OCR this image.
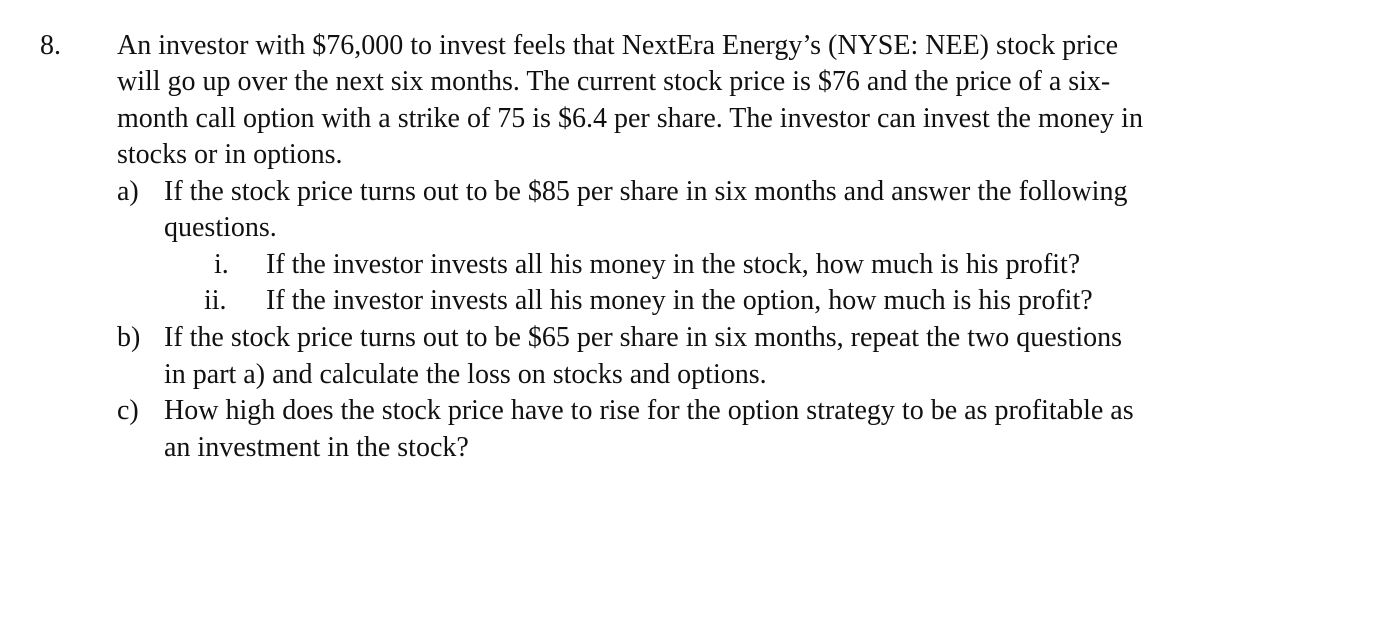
8. An investor with $76,000 to invest feels that NextEra Energy’s (NYSE: NEE) stock price
will go up over the next six months. The current stock price is $76 and the price of a six-
month call option with a strike of 75 is $6.4 per share. The investor can invest the money in
stocks or in options.
a) If the stock price turns out to be $85 per share in six months and answer the following
questions.
i. If the investor invests all his money in the stock, how much is his profit?
ii. If the investor invests all his money in the option, how much is his profit?
b) If the stock price turns out to be $65 per share in six months, repeat the two questions
in part a) and calculate the loss on stocks and options.
c) How high does the stock price have to rise for the option strategy to be as profitable as
an investment in the stock?
